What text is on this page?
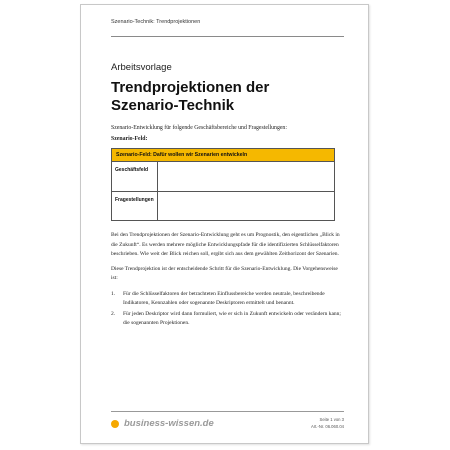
Szenario-Technik: Trendprojektionen
Arbeitsvorlage
Trendprojektionen der
Szenario-Technik
Szenario-Entwicklung für folgende Geschäftsbereiche und Fragestellungen:
Szenario-Feld:
Szenario-Feld: Dafür wollen wir Szenarien entwickeln
Geschäftsfeld
Fragestellungen

Bei den Trendprojektionen der Szenario-Entwicklung geht es um Prognostik, den eigentlichen „Blick in die Zukunft“. Es werden mehrere mögliche Entwicklungspfade für die identifizierten Schlüsselfaktoren beschrieben. Wie weit der Blick reichen soll, ergibt sich aus dem gewählten Zeithorizont der Szenarien.

Diese Trendprojektion ist der entscheidende Schritt für die Szenario-Entwicklung. Die Vorgehensweise ist:

1.	Für die Schlüsselfaktoren der betrachteten Einflussbereiche werden neutrale, beschreibende Indikatoren, Kennzahlen oder sogenannte Deskriptoren ermittelt und benannt.
2.	Für jeden Deskriptor wird dann formuliert, wie er sich in Zukunft entwickeln oder verändern kann; die sogenannten Projektionen.
business-wissen.de	Seite 1 von 3
Art.-Nr. 06.060.04
